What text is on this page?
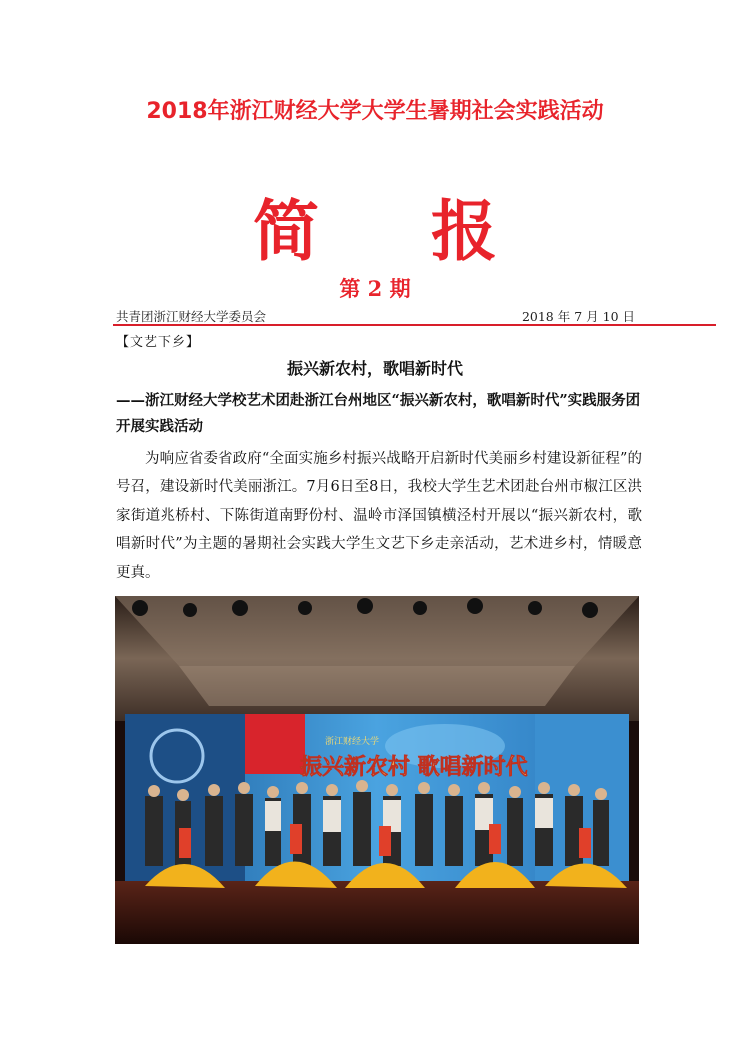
2018年浙江财经大学大学生暑期社会实践活动
简 报
第 2 期
共青团浙江财经大学委员会	2018 年 7 月 10 日
【文艺下乡】
振兴新农村，歌唱新时代
——浙江财经大学校艺术团赴浙江台州地区“振兴新农村，歌唱新时代”实践服务团开展实践活动
为响应省委省政府“全面实施乡村振兴战略开启新时代美丽乡村建设新征程”的号召，建设新时代美丽浙江。7月6日至8日，我校大学生艺术团赴台州市椒江区洪家街道兆桥村、下陈街道南野份村、温岭市泽国镇横泾村开展以“振兴新农村，歌唱新时代”为主题的暑期社会实践大学生文艺下乡走亲活动，艺术进乡村，情暖意更真。
浙江财经大学
振兴新农村 歌唱新时代
